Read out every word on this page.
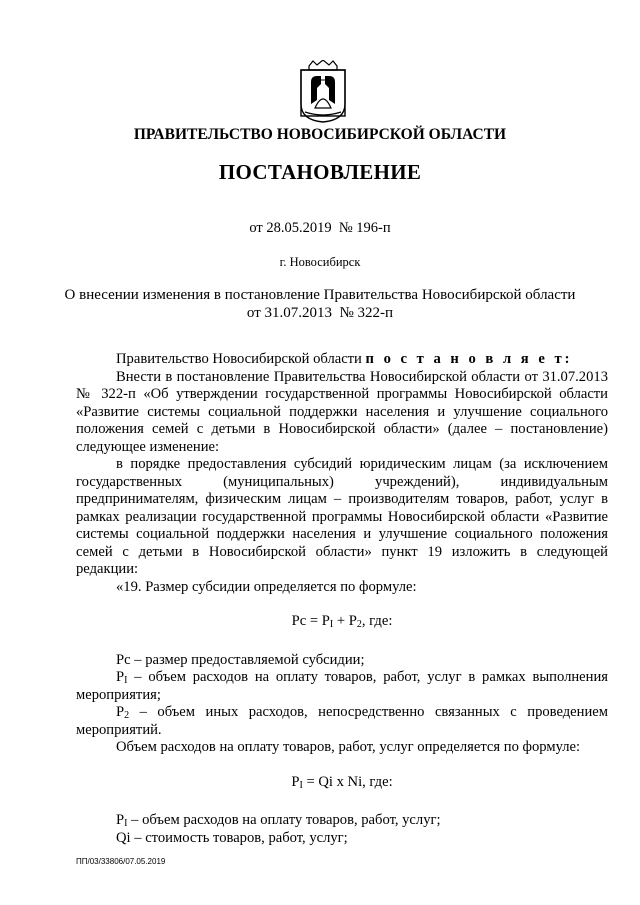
ПРАВИТЕЛЬСТВО НОВОСИБИРСКОЙ ОБЛАСТИ
ПОСТАНОВЛЕНИЕ
от 28.05.2019  № 196-п
г. Новосибирск
О внесении изменения в постановление Правительства Новосибирской области
от 31.07.2013  № 322-п

Правительство Новосибирской области п о с т а н о в л я е т:

Внести в постановление Правительства Новосибирской области от 31.07.2013 № 322-п «Об утверждении государственной программы Новосибирской области «Развитие системы социальной поддержки населения и улучшение социального положения семей с детьми в Новосибирской области» (далее – постановление) следующее изменение:

в порядке предоставления субсидий юридическим лицам (за исключением государственных (муниципальных) учреждений), индивидуальным предпринимателям, физическим лицам – производителям товаров, работ, услуг в рамках реализации государственной программы Новосибирской области «Развитие системы социальной поддержки населения и улучшение социального положения семей с детьми в Новосибирской области» пункт 19 изложить в следующей редакции:

«19. Размер субсидии определяется по формуле:

$Pc = P_I + P_2$, где:

Pc – размер предоставляемой субсидии;

$P_I$ – объем расходов на оплату товаров, работ, услуг в рамках выполнения мероприятия;

$P_2$ – объем иных расходов, непосредственно связанных с проведением мероприятий.

Объем расходов на оплату товаров, работ, услуг определяется по формуле:

$P_I = Qi$ x Ni, где:

$P_I$ – объем расходов на оплату товаров, работ, услуг;

Qi – стоимость товаров, работ, услуг;

ПП/03/33806/07.05.2019
